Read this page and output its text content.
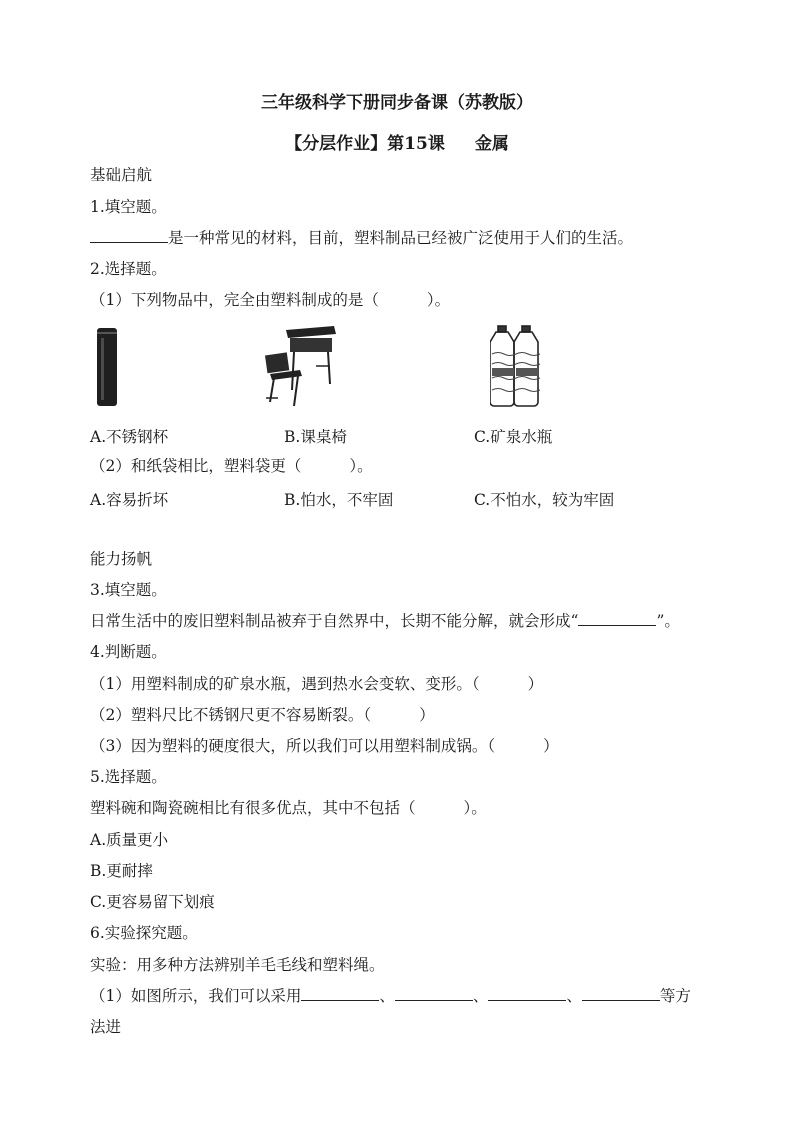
三年级科学下册同步备课（苏教版）
【分层作业】第15课 金属
基础启航
1.填空题。
是一种常见的材料，目前，塑料制品已经被广泛使用于人们的生活。
2.选择题。
（1）下列物品中，完全由塑料制成的是（	）。
A.不锈钢杯	B.课桌椅	C.矿泉水瓶
（2）和纸袋相比，塑料袋更（	）。
A.容易折坏	B.怕水，不牢固	C.不怕水，较为牢固
能力扬帆
3.填空题。
日常生活中的废旧塑料制品被弃于自然界中，长期不能分解，就会形成“	”。
4.判断题。
（1）用塑料制成的矿泉水瓶，遇到热水会变软、变形。（	）
（2）塑料尺比不锈钢尺更不容易断裂。（	）
（3）因为塑料的硬度很大，所以我们可以用塑料制成锅。（	）
5.选择题。
塑料碗和陶瓷碗相比有很多优点，其中不包括（	）。
A.质量更小
B.更耐摔
C.更容易留下划痕
6.实验探究题。
实验：用多种方法辨别羊毛毛线和塑料绳。
（1）如图所示，我们可以采用	、	、	、	等方
法进
